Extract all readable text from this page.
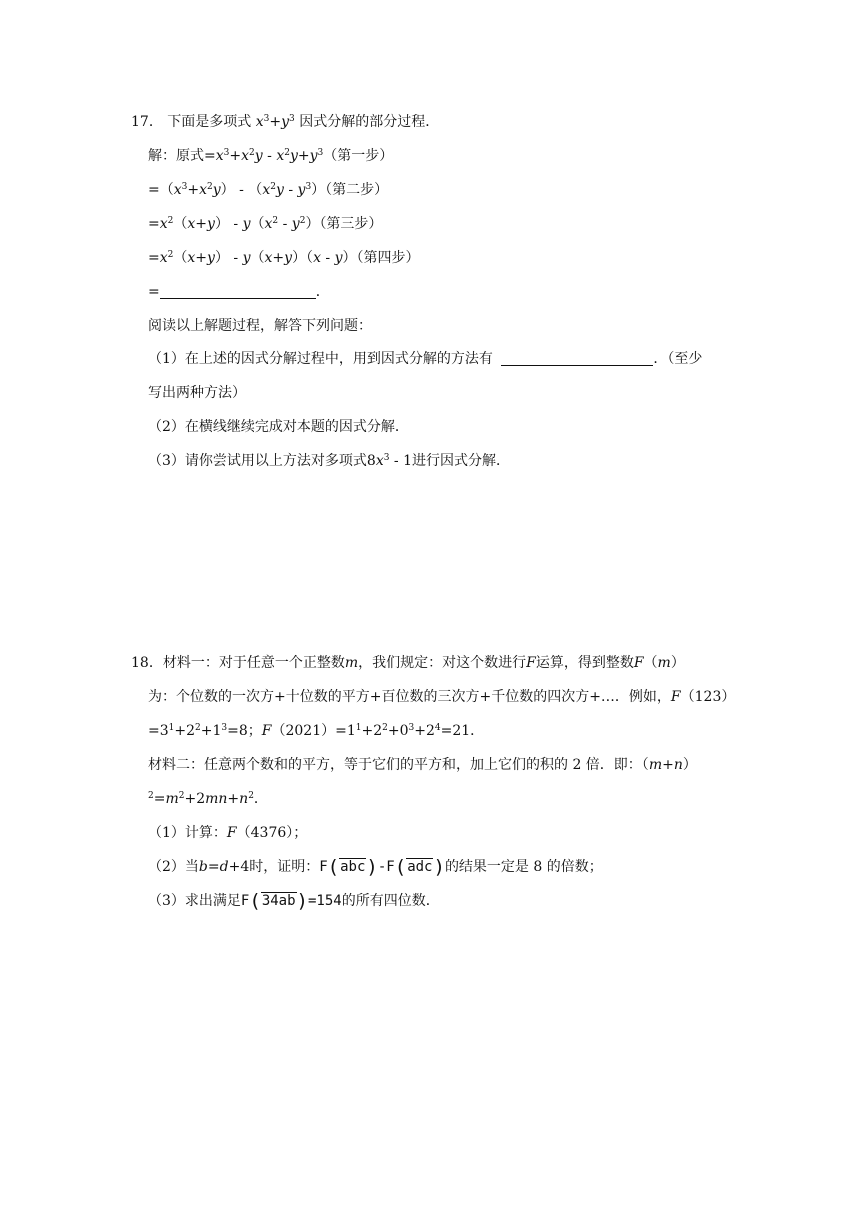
17． 下面是多项式 $x^3+y^3$ 因式分解的部分过程．
解：原式$=x^3+x^2y - x^2y+y^3$（第一步）
$=(x^3+x^2y) - (x^2y - y^3)$（第二步）
$=x^2(x+y) - y(x^2 - y^2)$（第三步）
$=x^2(x+y) - y(x+y)(x - y)$（第四步）
=	．
阅读以上解题过程，解答下列问题：
（1）在上述的因式分解过程中，用到因式分解的方法有	．（至少
写出两种方法）
（2）在横线继续完成对本题的因式分解．
（3）请你尝试用以上方法对多项式$8x^3 - 1$进行因式分解．
18．材料一：对于任意一个正整数m，我们规定：对这个数进行F运算，得到整数F（m）
为：个位数的一次方+十位数的平方+百位数的三次方+千位数的四次方+…．例如，F（123）
$=3^1+2^2+1^3=8$；$F(2021)=1^1+2^2+0^3+2^4=21$．
材料二：任意两个数和的平方，等于它们的平方和，加上它们的积的 2 倍．即：（m+n）
$^2=m^2+2mn+n^2$．
（1）计算：F（4376）；
（2）当b=d+4时，证明：F(abc)-F(adc)的结果一定是 8 的倍数；
（3）求出满足F(34ab)=154的所有四位数．
